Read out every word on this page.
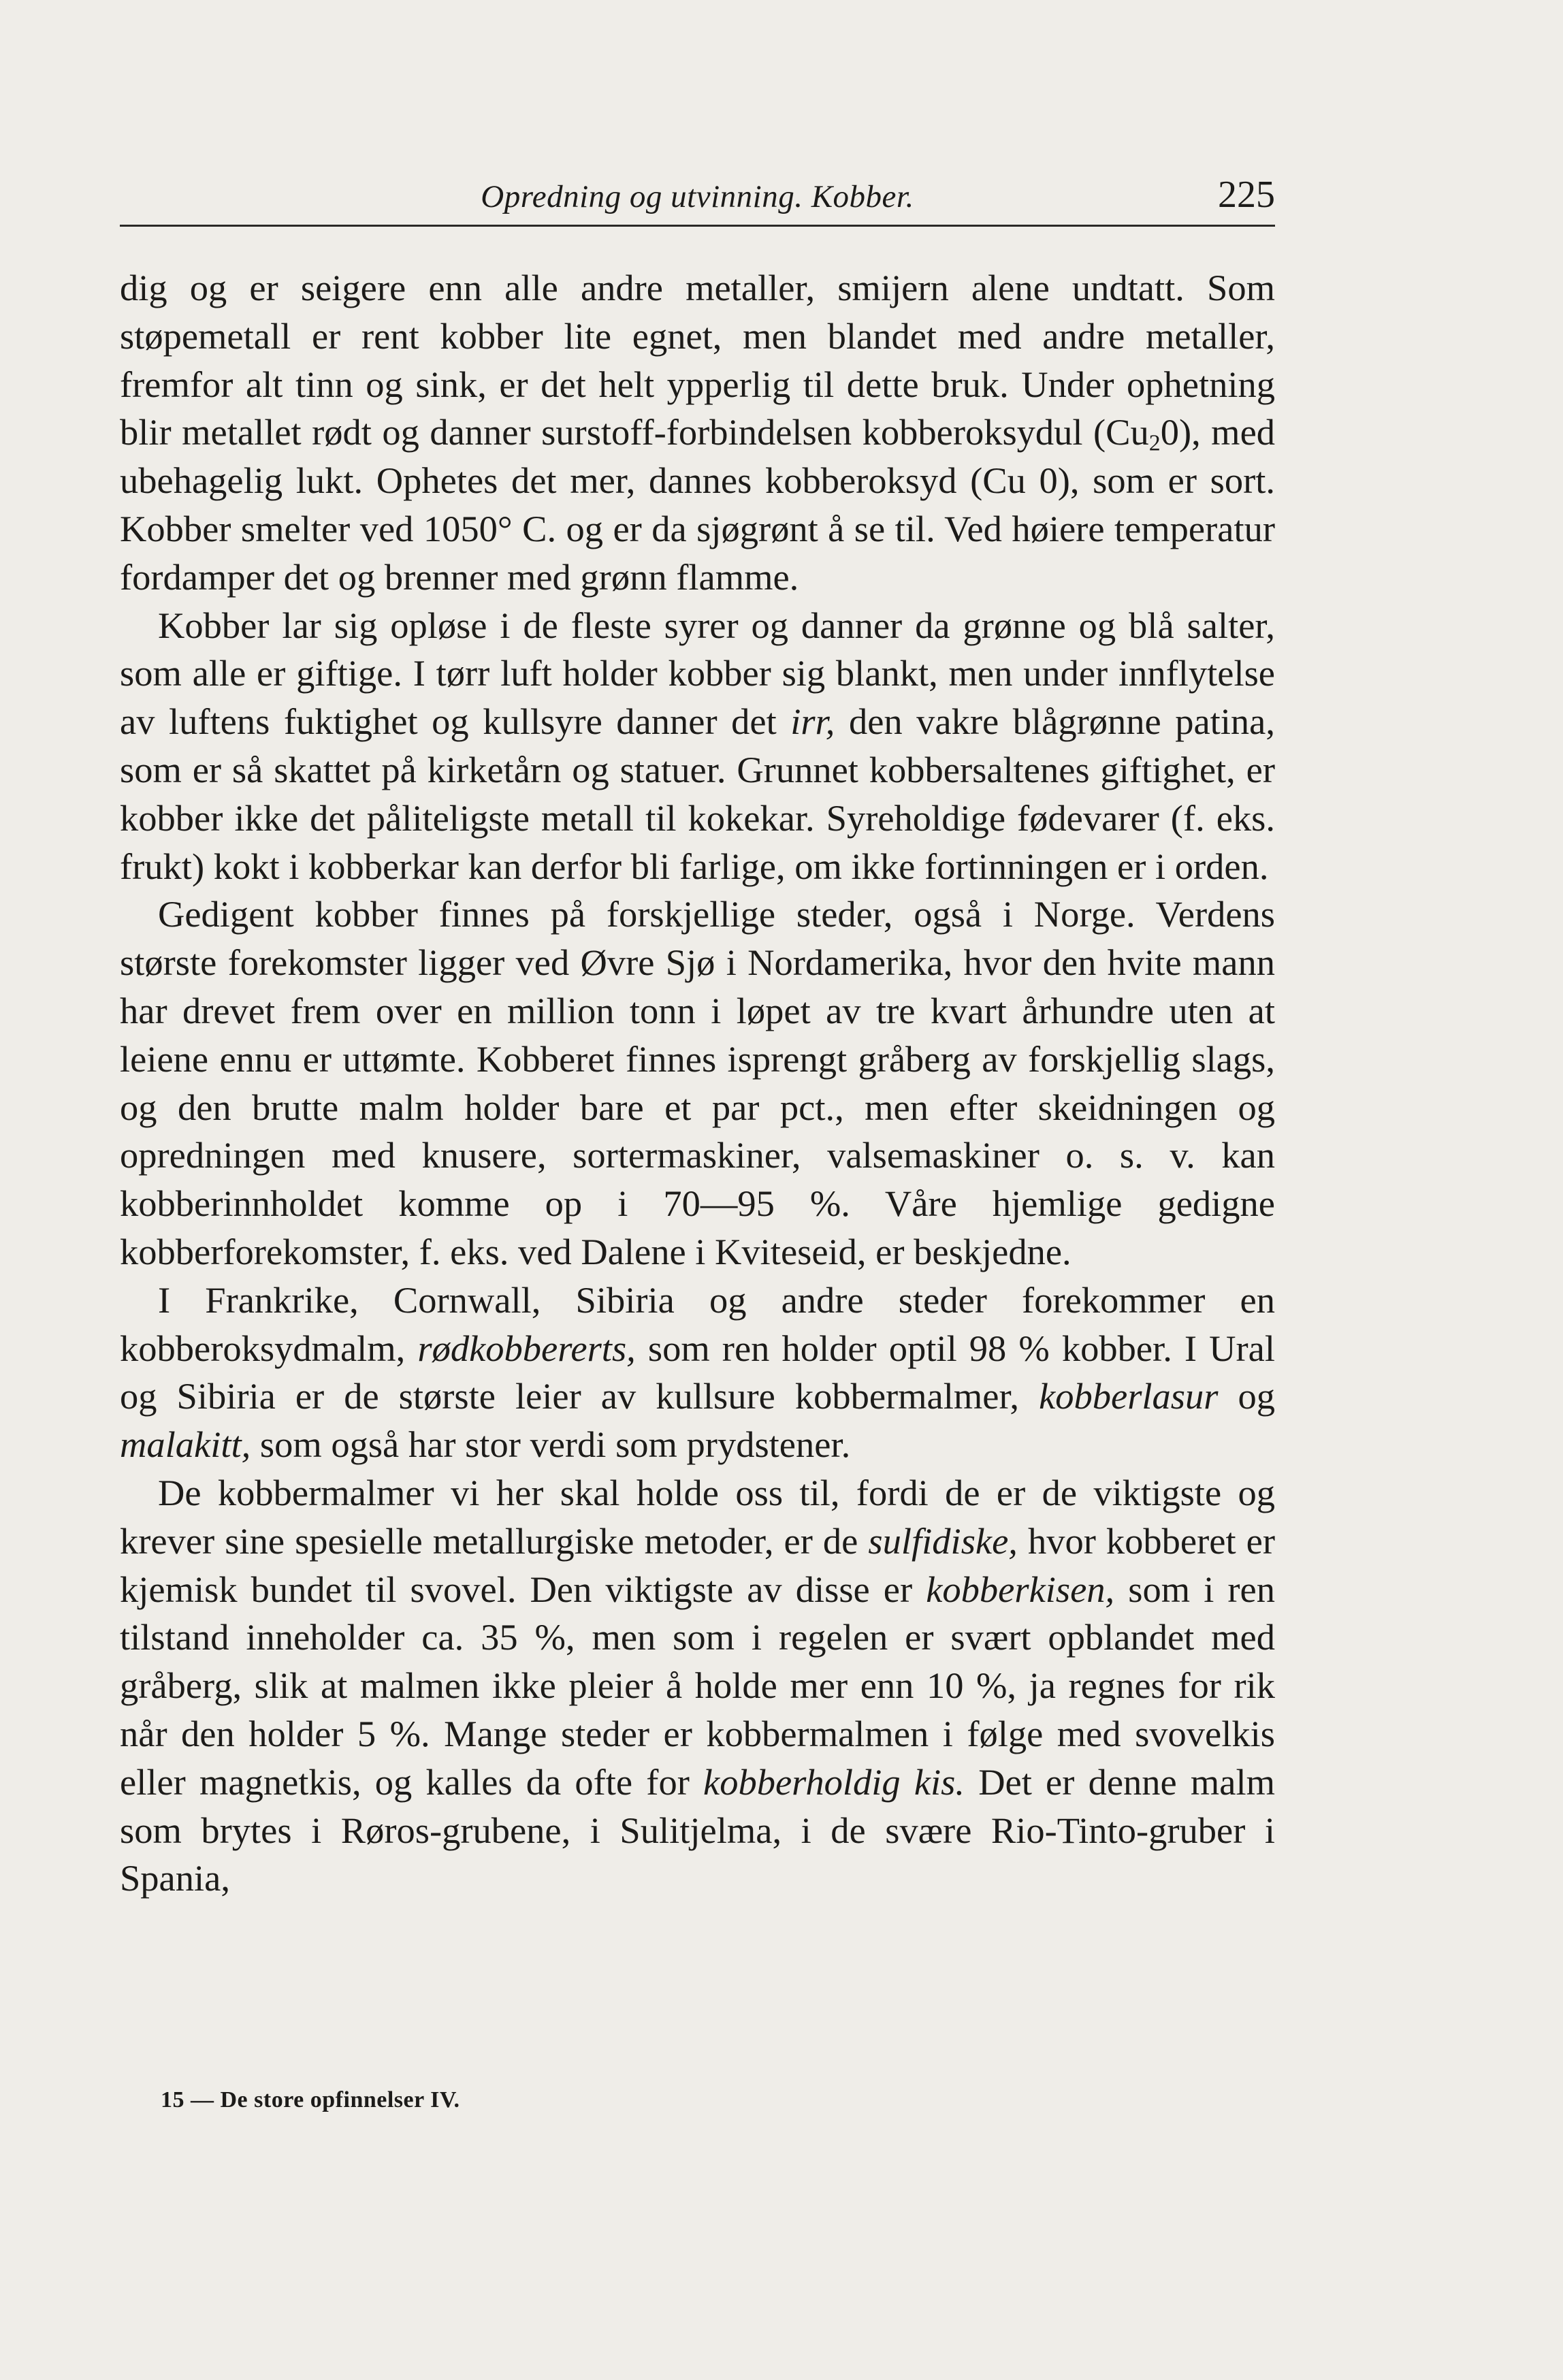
Opredning og utvinning. Kobber.	225

dig og er seigere enn alle andre metaller, smijern alene undtatt. Som støpemetall er rent kobber lite egnet, men blandet med andre metaller, fremfor alt tinn og sink, er det helt ypperlig til dette bruk. Under ophetning blir metallet rødt og danner surstoff-forbindelsen kobberoksydul $(Cu_20)$, med ubehagelig lukt. Ophetes det mer, dannes kobberoksyd (Cu 0), som er sort. Kobber smelter ved 1050° C. og er da sjøgrønt å se til. Ved høiere temperatur fordamper det og brenner med grønn flamme.

Kobber lar sig opløse i de fleste syrer og danner da grønne og blå salter, som alle er giftige. I tørr luft holder kobber sig blankt, men under innflytelse av luftens fuktighet og kullsyre danner det irr, den vakre blågrønne patina, som er så skattet på kirketårn og statuer. Grunnet kobbersaltenes giftighet, er kobber ikke det påliteligste metall til kokekar. Syreholdige fødevarer (f. eks. frukt) kokt i kobberkar kan derfor bli farlige, om ikke fortinningen er i orden.

Gedigent kobber finnes på forskjellige steder, også i Norge. Verdens største forekomster ligger ved Øvre Sjø i Nordamerika, hvor den hvite mann har drevet frem over en million tonn i løpet av tre kvart århundre uten at leiene ennu er uttømte. Kobberet finnes isprengt gråberg av forskjellig slags, og den brutte malm holder bare et par pct., men efter skeidningen og opredningen med knusere, sortermaskiner, valsemaskiner o. s. v. kan kobberinnholdet komme op i 70—95 %. Våre hjemlige gedigne kobberforekomster, f. eks. ved Dalene i Kviteseid, er beskjedne.

I Frankrike, Cornwall, Sibiria og andre steder forekommer en kobberoksydmalm, rødkobbererts, som ren holder optil 98 % kobber. I Ural og Sibiria er de største leier av kullsure kobbermalmer, kobberlasur og malakitt, som også har stor verdi som prydstener.

De kobbermalmer vi her skal holde oss til, fordi de er de viktigste og krever sine spesielle metallurgiske metoder, er de sulfidiske, hvor kobberet er kjemisk bundet til svovel. Den viktigste av disse er kobberkisen, som i ren tilstand inneholder ca. 35 %, men som i regelen er svært opblandet med gråberg, slik at malmen ikke pleier å holde mer enn 10 %, ja regnes for rik når den holder 5 %. Mange steder er kobbermalmen i følge med svovelkis eller magnetkis, og kalles da ofte for kobberholdig kis. Det er denne malm som brytes i Røros-grubene, i Sulitjelma, i de svære Rio-Tinto-gruber i Spania,

15 — De store opfinnelser IV.
